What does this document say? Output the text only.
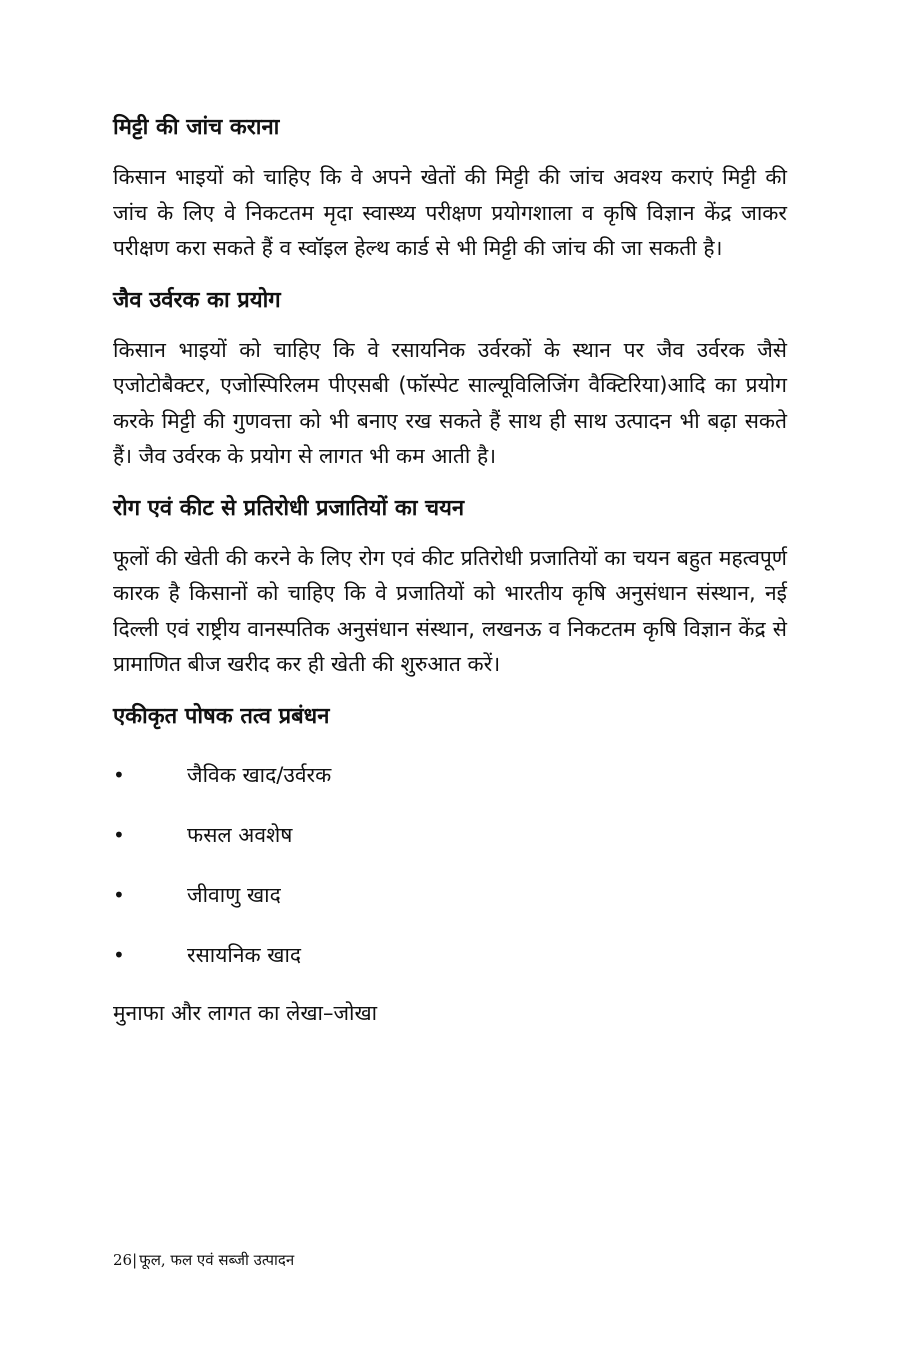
मिट्टी की जांच कराना

किसान भाइयों को चाहिए कि वे अपने खेतों की मिट्टी की जांच अवश्य कराएं मिट्टी की जांच के लिए वे निकटतम मृदा स्वास्थ्य परीक्षण प्रयोगशाला व कृषि विज्ञान केंद्र जाकर परीक्षण करा सकते हैं व स्वॉइल हेल्थ कार्ड से भी मिट्टी की जांच की जा सकती है।

जैव उर्वरक का प्रयोग

किसान भाइयों को चाहिए कि वे रसायनिक उर्वरकों के स्थान पर जैव उर्वरक जैसे एजोटोबैक्टर, एजोस्पिरिलम पीएसबी (फॉस्पेट साल्यूविलिजिंग वैक्टिरिया)आदि का प्रयोग करके मिट्टी की गुणवत्ता को भी बनाए रख सकते हैं साथ ही साथ उत्पादन भी बढ़ा सकते हैं। जैव उर्वरक के प्रयोग से लागत भी कम आती है।

रोग एवं कीट से प्रतिरोधी प्रजातियों का चयन

फूलों की खेती की करने के लिए रोग एवं कीट प्रतिरोधी प्रजातियों का चयन बहुत महत्वपूर्ण कारक है किसानों को चाहिए कि वे प्रजातियों को भारतीय कृषि अनुसंधान संस्थान, नई दिल्ली एवं राष्ट्रीय वानस्पतिक अनुसंधान संस्थान, लखनऊ व निकटतम कृषि विज्ञान केंद्र से प्रामाणित बीज खरीद कर ही खेती की शुरुआत करें।

एकीकृत पोषक तत्व प्रबंधन
•	जैविक खाद/उर्वरक
•	फसल अवशेष
•	जीवाणु खाद
•	रसायनिक खाद
मुनाफा और लागत का लेखा–जोखा
26| फूल, फल एवं सब्जी उत्पादन
